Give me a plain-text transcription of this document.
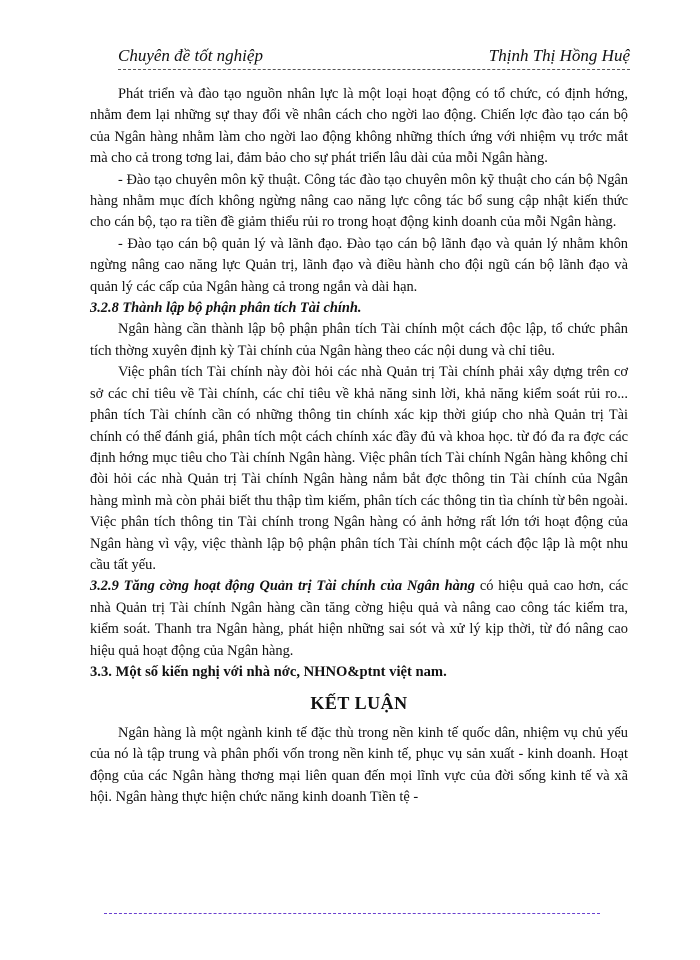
Chuyên đề tốt nghiệp	Thịnh Thị Hồng Huệ

Phát triển và đào tạo nguồn nhân lực là một loại hoạt động có tổ chức, có định hớng, nhằm đem lại những sự thay đổi về nhân cách cho ngời lao động. Chiến lợc đào tạo cán bộ của Ngân hàng nhằm làm cho ngời lao động không những thích ứng với nhiệm vụ trớc mắt mà cho cả trong tơng lai, đảm bảo cho sự phát triển lâu dài của mỗi Ngân hàng.

- Đào tạo chuyên môn kỹ thuật. Công tác đào tạo chuyên môn kỹ thuật cho cán bộ Ngân hàng nhằm mục đích không ngừng nâng cao năng lực công tác bổ sung cập nhật kiến thức cho cán bộ, tạo ra tiền đề giảm thiểu rủi ro trong hoạt động kinh doanh của mỗi Ngân hàng.

- Đào tạo cán bộ quản lý và lãnh đạo. Đào tạo cán bộ lãnh đạo và quản lý nhằm khôn ngừng nâng cao năng lực Quản trị, lãnh đạo và điều hành cho đội ngũ cán bộ lãnh đạo và quản lý các cấp của Ngân hàng cả trong ngắn và dài hạn.

3.2.8 Thành lập bộ phận phân tích Tài chính.

Ngân hàng cần thành lập bộ phận phân tích Tài chính một cách độc lập, tổ chức phân tích thờng xuyên định kỳ Tài chính của Ngân hàng theo các nội dung và chỉ tiêu.

Việc phân tích Tài chính này đòi hỏi các nhà Quản trị Tài chính phải xây dựng trên cơ sở các chỉ tiêu về Tài chính, các chỉ tiêu về khả năng sinh lời, khả năng kiểm soát rủi ro... phân tích Tài chính cần có những thông tin chính xác kịp thời giúp cho nhà Quản trị Tài chính có thể đánh giá, phân tích một cách chính xác đầy đủ và khoa học. từ đó đa ra đợc các định hớng mục tiêu cho Tài chính Ngân hàng. Việc phân tích Tài chính Ngân hàng không chỉ đòi hỏi các nhà Quản trị Tài chính Ngân hàng nắm bắt đợc thông tin Tài chính của Ngân hàng mình mà còn phải biết thu thập tìm kiếm, phân tích các thông tin tìa chính từ bên ngoài. Việc phân tích thông tin Tài chính trong Ngân hàng có ảnh hởng rất lớn tới hoạt động của Ngân hàng vì vậy, việc thành lập bộ phận phân tích Tài chính một cách độc lập là một nhu cầu tất yếu.

3.2.9 Tăng cờng hoạt động Quản trị Tài chính của Ngân hàng có hiệu quả cao hơn, các nhà Quản trị Tài chính Ngân hàng cần tăng cờng hiệu quả và nâng cao công tác kiểm tra, kiểm soát. Thanh tra Ngân hàng, phát hiện những sai sót và xử lý kịp thời, từ đó nâng cao hiệu quả hoạt động của Ngân hàng.

3.3. Một số kiến nghị với nhà nớc, NHNO&ptnt việt nam.

KẾT LUẬN

Ngân hàng là một ngành kinh tế đặc thù trong nền kinh tế quốc dân, nhiệm vụ chủ yếu của nó là tập trung và phân phối vốn trong nền kinh tế, phục vụ sản xuất - kinh doanh. Hoạt động của các Ngân hàng thơng mại liên quan đến mọi lĩnh vực của đời sống kinh tế và xã hội. Ngân hàng thực hiện chức năng kinh doanh Tiền tệ -
